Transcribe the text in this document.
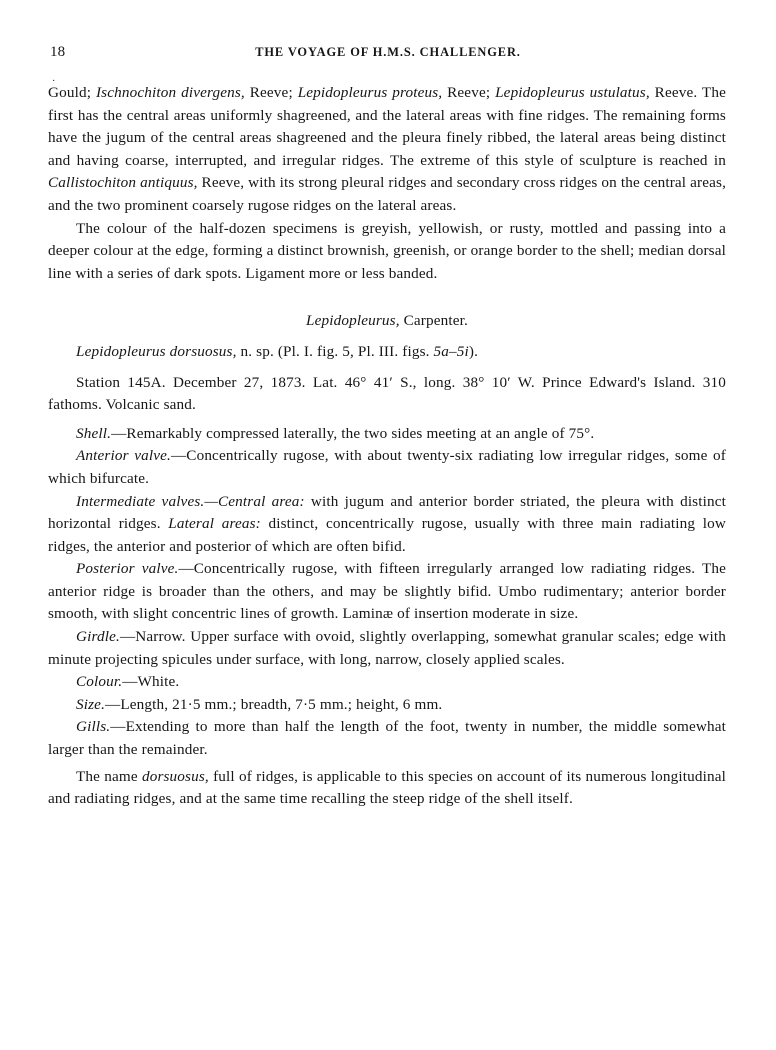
18	THE VOYAGE OF H.M.S. CHALLENGER.
·

Gould; Ischnochiton divergens, Reeve; Lepidopleurus proteus, Reeve; Lepidopleurus ustulatus, Reeve. The first has the central areas uniformly shagreened, and the lateral areas with fine ridges. The remaining forms have the jugum of the central areas shagreened and the pleura finely ribbed, the lateral areas being distinct and having coarse, interrupted, and irregular ridges. The extreme of this style of sculpture is reached in Callistochiton antiquus, Reeve, with its strong pleural ridges and secondary cross ridges on the central areas, and the two prominent coarsely rugose ridges on the lateral areas.

The colour of the half-dozen specimens is greyish, yellowish, or rusty, mottled and passing into a deeper colour at the edge, forming a distinct brownish, greenish, or orange border to the shell; median dorsal line with a series of dark spots. Ligament more or less banded.

Lepidopleurus, Carpenter.

Lepidopleurus dorsuosus, n. sp. (Pl. I. fig. 5, Pl. III. figs. 5a–5i).

Station 145A. December 27, 1873. Lat. 46° 41′ S., long. 38° 10′ W. Prince Edward's Island. 310 fathoms. Volcanic sand.

Shell.—Remarkably compressed laterally, the two sides meeting at an angle of 75°.

Anterior valve.—Concentrically rugose, with about twenty-six radiating low irregular ridges, some of which bifurcate.

Intermediate valves.—Central area: with jugum and anterior border striated, the pleura with distinct horizontal ridges. Lateral areas: distinct, concentrically rugose, usually with three main radiating low ridges, the anterior and posterior of which are often bifid.

Posterior valve.—Concentrically rugose, with fifteen irregularly arranged low radiating ridges. The anterior ridge is broader than the others, and may be slightly bifid. Umbo rudimentary; anterior border smooth, with slight concentric lines of growth. Laminæ of insertion moderate in size.

Girdle.—Narrow. Upper surface with ovoid, slightly overlapping, somewhat granular scales; edge with minute projecting spicules under surface, with long, narrow, closely applied scales.

Colour.—White.

Size.—Length, 21·5 mm.; breadth, 7·5 mm.; height, 6 mm.

Gills.—Extending to more than half the length of the foot, twenty in number, the middle somewhat larger than the remainder.

The name dorsuosus, full of ridges, is applicable to this species on account of its numerous longitudinal and radiating ridges, and at the same time recalling the steep ridge of the shell itself.
